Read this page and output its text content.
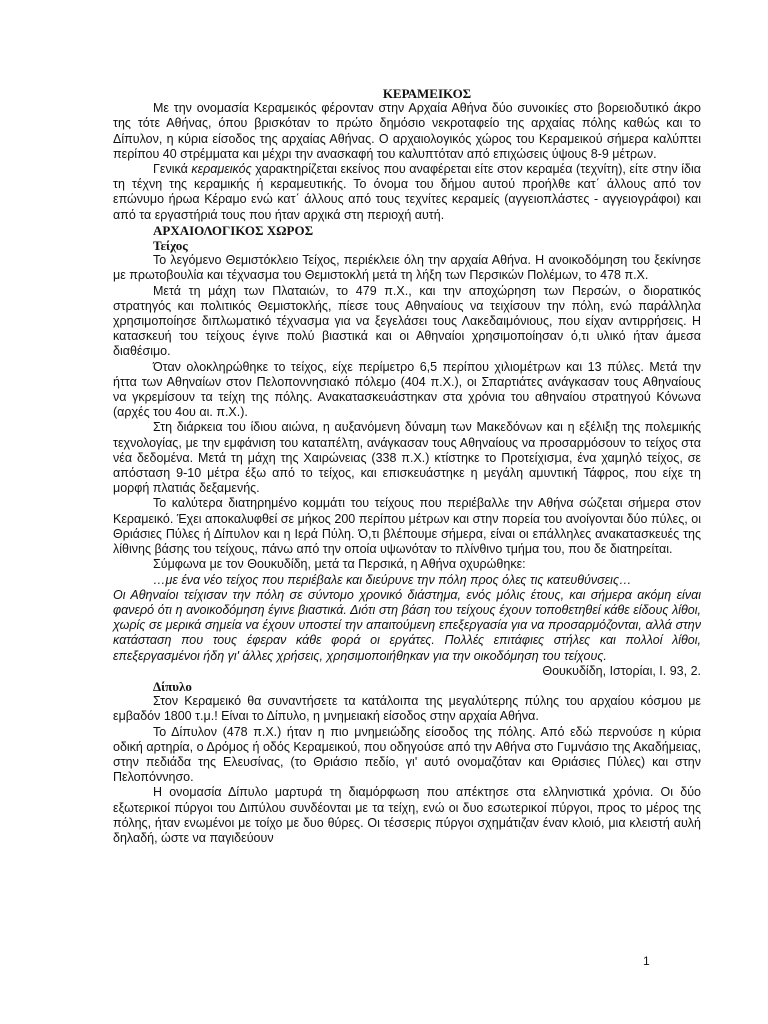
ΚΕΡΑΜΕΙΚΟΣ

Με την ονομασία Κεραμεικός φέρονταν στην Αρχαία Αθήνα δύο συνοικίες στο βορειοδυτικό άκρο της τότε Αθήνας, όπου βρισκόταν το πρώτο δημόσιο νεκροταφείο της αρχαίας πόλης καθώς και το Δίπυλον, η κύρια είσοδος της αρχαίας Αθήνας. Ο αρχαιολογικός χώρος του Κεραμεικού σήμερα καλύπτει περίπου 40 στρέμματα και μέχρι την ανασκαφή του καλυπτόταν από επιχώσεις ύψους 8-9 μέτρων.

Γενικά κεραμεικός χαρακτηρίζεται εκείνος που αναφέρεται είτε στον κεραμέα (τεχνίτη), είτε στην ίδια τη τέχνη της κεραμικής ή κεραμευτικής. Το όνομα του δήμου αυτού προήλθε κατ΄ άλλους από τον επώνυμο ήρωα Κέραμο ενώ κατ΄ άλλους από τους τεχνίτες κεραμείς (αγγειοπλάστες - αγγειογράφοι) και από τα εργαστήριά τους που ήταν αρχικά στη περιοχή αυτή.

ΑΡΧΑΙΟΛΟΓΙΚΟΣ ΧΩΡΟΣ
Τείχος

Το λεγόμενο Θεμιστόκλειο Τείχος, περιέκλειε όλη την αρχαία Αθήνα. Η ανοικοδόμηση του ξεκίνησε με πρωτοβουλία και τέχνασμα του Θεμιστοκλή μετά τη λήξη των Περσικών Πολέμων, το 478 π.Χ.

Μετά τη μάχη των Πλαταιών, το 479 π.Χ., και την αποχώρηση των Περσών, ο διορατικός στρατηγός και πολιτικός Θεμιστοκλής, πίεσε τους Αθηναίους να τειχίσουν την πόλη, ενώ παράλληλα χρησιμοποίησε διπλωματικό τέχνασμα για να ξεγελάσει τους Λακεδαιμόνιους, που είχαν αντιρρήσεις. Η κατασκευή του τείχους έγινε πολύ βιαστικά και οι Αθηναίοι χρησιμοποίησαν ό,τι υλικό ήταν άμεσα διαθέσιμο.

Όταν ολοκληρώθηκε το τείχος, είχε περίμετρο 6,5 περίπου χιλιομέτρων και 13 πύλες. Μετά την ήττα των Αθηναίων στον Πελοποννησιακό πόλεμο (404 π.Χ.), οι Σπαρτιάτες ανάγκασαν τους Αθηναίους να γκρεμίσουν τα τείχη της πόλης. Ανακατασκευάστηκαν στα χρόνια του αθηναίου στρατηγού Κόνωνα (αρχές του 4ου αι. π.Χ.).

Στη διάρκεια του ίδιου αιώνα, η αυξανόμενη δύναμη των Μακεδόνων και η εξέλιξη της πολεμικής τεχνολογίας, με την εμφάνιση του καταπέλτη, ανάγκασαν τους Αθηναίους να προσαρμόσουν το τείχος στα νέα δεδομένα. Μετά τη μάχη της Χαιρώνειας (338 π.Χ.) κτίστηκε το Προτείχισμα, ένα χαμηλό τείχος, σε απόσταση 9-10 μέτρα έξω από το τείχος, και επισκευάστηκε η μεγάλη αμυντική Τάφρος, που είχε τη μορφή πλατιάς δεξαμενής.

Το καλύτερα διατηρημένο κομμάτι του τείχους που περιέβαλλε την Αθήνα σώζεται σήμερα στον Κεραμεικό. Έχει αποκαλυφθεί σε μήκος 200 περίπου μέτρων και στην πορεία του ανοίγονται δύο πύλες, οι Θριάσιες Πύλες ή Δίπυλον και η Ιερά Πύλη. Ό,τι βλέπουμε σήμερα, είναι οι επάλληλες ανακατασκευές της λίθινης βάσης του τείχους, πάνω από την οποία υψωνόταν το πλίνθινο τμήμα του, που δε διατηρείται.

Σύμφωνα με τον Θουκυδίδη, μετά τα Περσικά, η Αθήνα οχυρώθηκε:

…με ένα νέο τείχος που περιέβαλε και διεύρυνε την πόλη προς όλες τις κατευθύνσεις…

Οι Αθηναίοι τείχισαν την πόλη σε σύντομο χρονικό διάστημα, ενός μόλις έτους, και σήμερα ακόμη είναι φανερό ότι η ανοικοδόμηση έγινε βιαστικά. Διότι στη βάση του τείχους έχουν τοποθετηθεί κάθε είδους λίθοι, χωρίς σε μερικά σημεία να έχουν υποστεί την απαιτούμενη επεξεργασία για να προσαρμόζονται, αλλά στην κατάσταση που τους έφεραν κάθε φορά οι εργάτες. Πολλές επιτάφιες στήλες και πολλοί λίθοι, επεξεργασμένοι ήδη γι' άλλες χρήσεις, χρησιμοποιήθηκαν για την οικοδόμηση του τείχους.

Θουκυδίδη, Ιστορίαι, Ι. 93, 2.

Δίπυλο

Στον Κεραμεικό θα συναντήσετε τα κατάλοιπα της μεγαλύτερης πύλης του αρχαίου κόσμου με εμβαδόν 1800 τ.μ.! Είναι το Δίπυλο, η μνημειακή είσοδος στην αρχαία Αθήνα.

Το Δίπυλον (478 π.Χ.) ήταν η πιο μνημειώδης είσοδος της πόλης. Από εδώ περνούσε η κύρια οδική αρτηρία, ο Δρόμος ή οδός Κεραμεικού, που οδηγούσε από την Αθήνα στο Γυμνάσιο της Ακαδήμειας, στην πεδιάδα της Ελευσίνας, (το Θριάσιο πεδίο, γι' αυτό ονομαζόταν και Θριάσιες Πύλες) και στην Πελοπόννησο.

Η ονομασία Δίπυλο μαρτυρά τη διαμόρφωση που απέκτησε στα ελληνιστικά χρόνια. Οι δύο εξωτερικοί πύργοι του Διπύλου συνδέονται με τα τείχη, ενώ οι δυο εσωτερικοί πύργοι, προς το μέρος της πόλης, ήταν ενωμένοι με τοίχο με δυο θύρες. Οι τέσσερις πύργοι σχημάτιζαν έναν κλοιό, μια κλειστή αυλή δηλαδή, ώστε να παγιδεύουν

1
